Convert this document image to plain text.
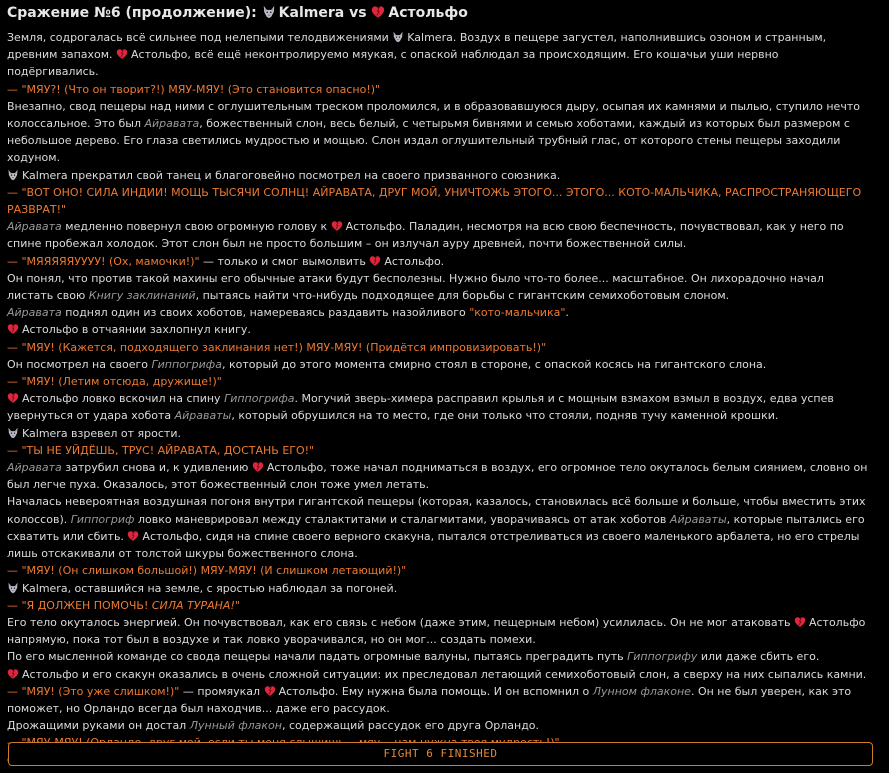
Сражение №6 (продолжение): Kalmera vs Астольфо

Земля, содрогалась всё сильнее под нелепыми телодвижениями Kalmera. Воздух в пещере загустел, наполнившись озоном и странным, древним запахом. Астольфо, всё ещё неконтролируемо мяукая, с опаской наблюдал за происходящим. Его кошачьи уши нервно подёргивались.

— "МЯУ?! (Что он творит?!) МЯУ-МЯУ! (Это становится опасно!)"

Внезапно, свод пещеры над ними с оглушительным треском проломился, и в образовавшуюся дыру, осыпая их камнями и пылью, ступило нечто колоссальное. Это был Айравата, божественный слон, весь белый, с четырьмя бивнями и семью хоботами, каждый из которых был размером с небольшое дерево. Его глаза светились мудростью и мощью. Слон издал оглушительный трубный глас, от которого стены пещеры заходили ходуном.

Kalmera прекратил свой танец и благоговейно посмотрел на своего призванного союзника.

— "ВОТ ОНО! СИЛА ИНДИИ! МОЩЬ ТЫСЯЧИ СОЛНЦ! АЙРАВАТА, ДРУГ МОЙ, УНИЧТОЖЬ ЭТОГО... ЭТОГО... КОТО-МАЛЬЧИКА, РАСПРОСТРАНЯЮЩЕГО РАЗВРАТ!"

Айравата медленно повернул свою огромную голову к Астольфо. Паладин, несмотря на всю свою беспечность, почувствовал, как у него по спине пробежал холодок. Этот слон был не просто большим – он излучал ауру древней, почти божественной силы.

— "МЯЯЯЯЯУУУУ! (Ох, мамочки!)" — только и смог вымолвить Астольфо.

Он понял, что против такой махины его обычные атаки будут бесполезны. Нужно было что-то более... масштабное. Он лихорадочно начал листать свою Книгу заклинаний, пытаясь найти что-нибудь подходящее для борьбы с гигантским семихоботовым слоном.

Айравата поднял один из своих хоботов, намереваясь раздавить назойливого "кото-мальчика".

Астольфо в отчаянии захлопнул книгу.

— "МЯУ! (Кажется, подходящего заклинания нет!) МЯУ-МЯУ! (Придётся импровизировать!)"

Он посмотрел на своего Гиппогрифа, который до этого момента смирно стоял в стороне, с опаской косясь на гигантского слона.

— "МЯУ! (Летим отсюда, дружище!)"

Астольфо ловко вскочил на спину Гиппогрифа. Могучий зверь-химера расправил крылья и с мощным взмахом взмыл в воздух, едва успев увернуться от удара хобота Айраваты, который обрушился на то место, где они только что стояли, подняв тучу каменной крошки.

Kalmera взревел от ярости.

— "ТЫ НЕ УЙДЁШЬ, ТРУС! АЙРАВАТА, ДОСТАНЬ ЕГО!"

Айравата затрубил снова и, к удивлению Астольфо, тоже начал подниматься в воздух, его огромное тело окуталось белым сиянием, словно он был легче пуха. Оказалось, этот божественный слон тоже умел летать.

Началась невероятная воздушная погоня внутри гигантской пещеры (которая, казалось, становилась всё больше и больше, чтобы вместить этих колоссов). Гиппогриф ловко маневрировал между сталактитами и сталагмитами, уворачиваясь от атак хоботов Айраваты, которые пытались его схватить или сбить. Астольфо, сидя на спине своего верного скакуна, пытался отстреливаться из своего маленького арбалета, но его стрелы лишь отскакивали от толстой шкуры божественного слона.

— "МЯУ! (Он слишком большой!) МЯУ-МЯУ! (И слишком летающий!)"

Kalmera, оставшийся на земле, с яростью наблюдал за погоней.

— "Я ДОЛЖЕН ПОМОЧЬ! СИЛА ТУРАНА!"

Его тело окуталось энергией. Он почувствовал, как его связь с небом (даже этим, пещерным небом) усилилась. Он не мог атаковать Астольфо напрямую, пока тот был в воздухе и так ловко уворачивался, но он мог... создать помехи.

По его мысленной команде со свода пещеры начали падать огромные валуны, пытаясь преградить путь Гиппогрифу или даже сбить его.

Астольфо и его скакун оказались в очень сложной ситуации: их преследовал летающий семихоботовый слон, а сверху на них сыпались камни.

— "МЯУ! (Это уже слишком!)" — промяукал Астольфо. Ему нужна была помощь. И он вспомнил о Лунном флаконе. Он не был уверен, как это поможет, но Орландо всегда был находчив... даже его рассудок.

Дрожащими руками он достал Лунный флакон, содержащий рассудок его друга Орландо.

FIGHT 6 FINISHED
